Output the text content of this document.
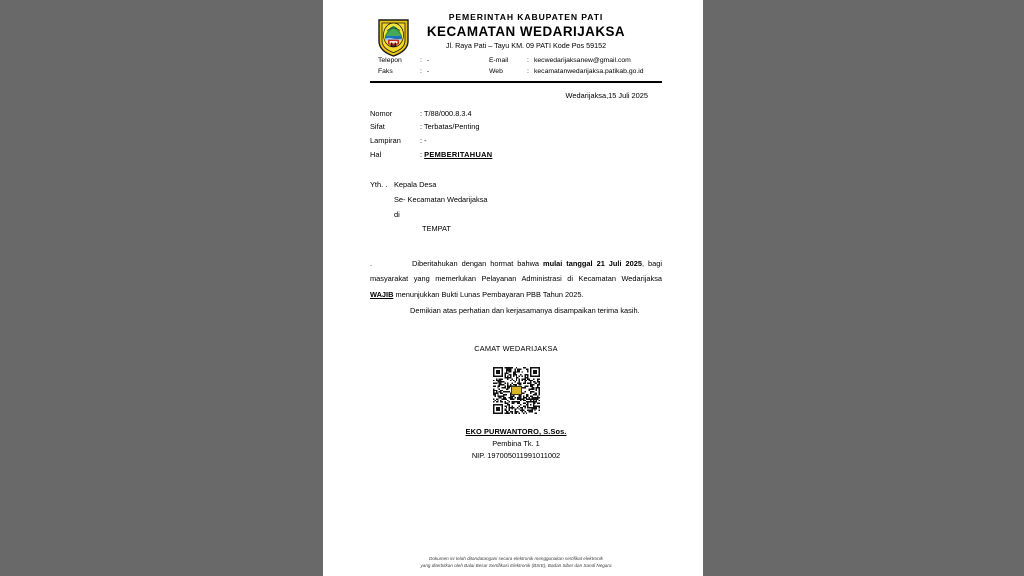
PEMERINTAH KABUPATEN PATI
KECAMATAN WEDARIJAKSA
Jl. Raya Pati – Tayu KM. 09 PATI Kode Pos 59152
Telepon	: -	E-mail	: kecwedarijaksanew@gmail.com
Faks	: -	Web	: kecamatanwedarijaksa.patikab.go.id
Wedarijaksa,15 Juli 2025
Nomor	: T/88/000.8.3.4
Sifat	: Terbatas/Penting
Lampiran	: -
Hal	: PEMBERITAHUAN
Yth. . Kepala Desa
Se- Kecamatan Wedarijaksa
di
TEMPAT

.	Diberitahukan dengan hormat bahwa mulai tanggal 21 Juli 2025, bagi masyarakat yang memerlukan Pelayanan Administrasi di Kecamatan Wedarijaksa WAJIB menunjukkan Bukti Lunas Pembayaran PBB Tahun 2025.

Demikian atas perhatian dan kerjasamanya disampaikan terima kasih.

CAMAT WEDARIJAKSA
EKO PURWANTORO, S.Sos.
Pembina Tk. 1
NIP. 197005011991011002
Dokumen ini telah ditandatangani secara elektronik menggunakan sertifikat elektronik
yang diterbitkan oleh Balai Besar Sertifikasi Elektronik (BSrE), Badan Siber dan Sandi Negara
